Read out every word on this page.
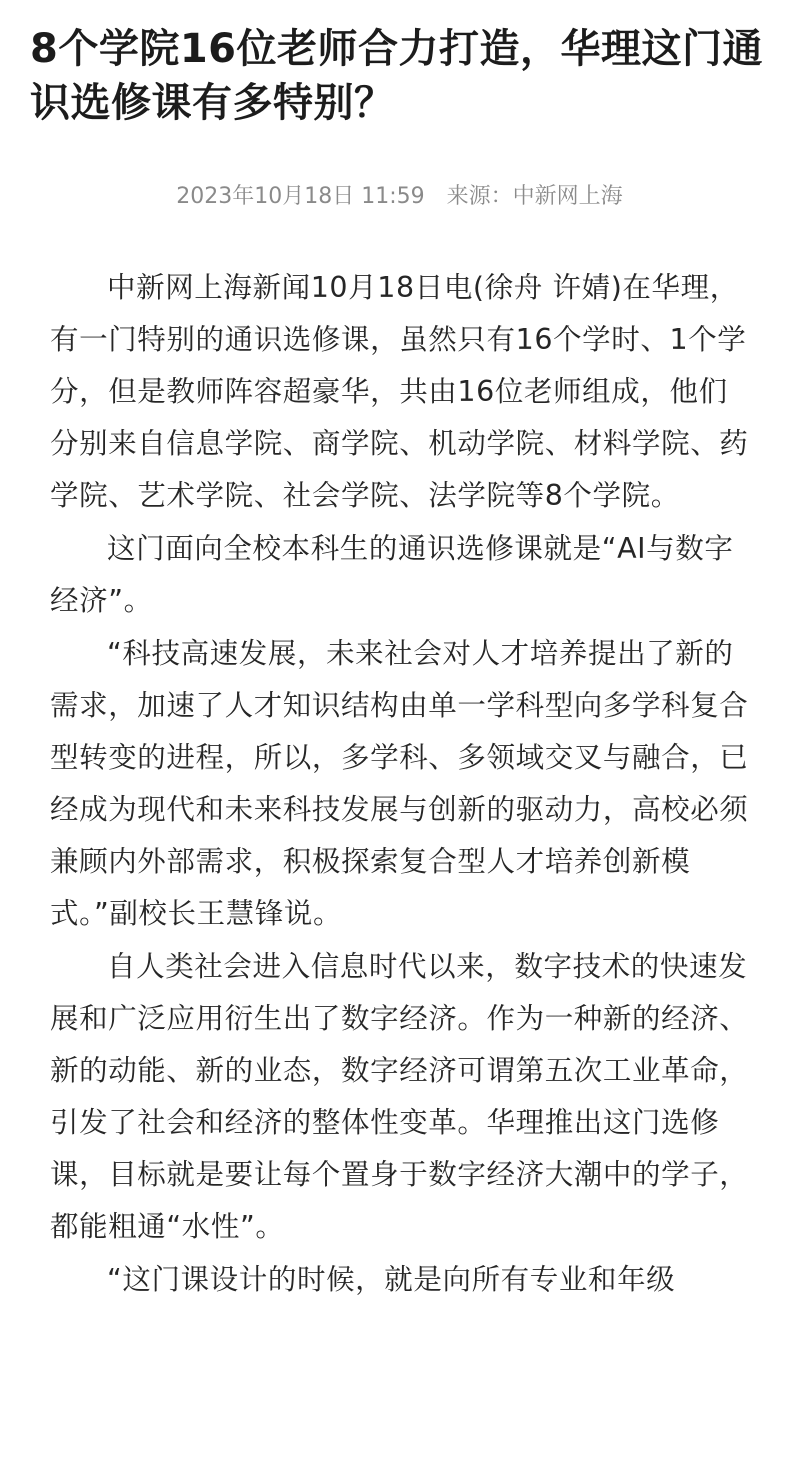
8个学院16位老师合力打造，华理这门通识选修课有多特别？
2023年10月18日 11:59 来源：中新网上海

中新网上海新闻10月18日电(徐舟 许婧)在华理，有一门特别的通识选修课，虽然只有16个学时、1个学分，但是教师阵容超豪华，共由16位老师组成，他们分别来自信息学院、商学院、机动学院、材料学院、药学院、艺术学院、社会学院、法学院等8个学院。

这门面向全校本科生的通识选修课就是“AI与数字经济”。

“科技高速发展，未来社会对人才培养提出了新的需求，加速了人才知识结构由单一学科型向多学科复合型转变的进程，所以，多学科、多领域交叉与融合，已经成为现代和未来科技发展与创新的驱动力，高校必须兼顾内外部需求，积极探索复合型人才培养创新模式。”副校长王慧锋说。

自人类社会进入信息时代以来，数字技术的快速发展和广泛应用衍生出了数字经济。作为一种新的经济、新的动能、新的业态，数字经济可谓第五次工业革命，引发了社会和经济的整体性变革。华理推出这门选修课，目标就是要让每个置身于数字经济大潮中的学子，都能粗通“水性”。

“这门课设计的时候，就是向所有专业和年级
